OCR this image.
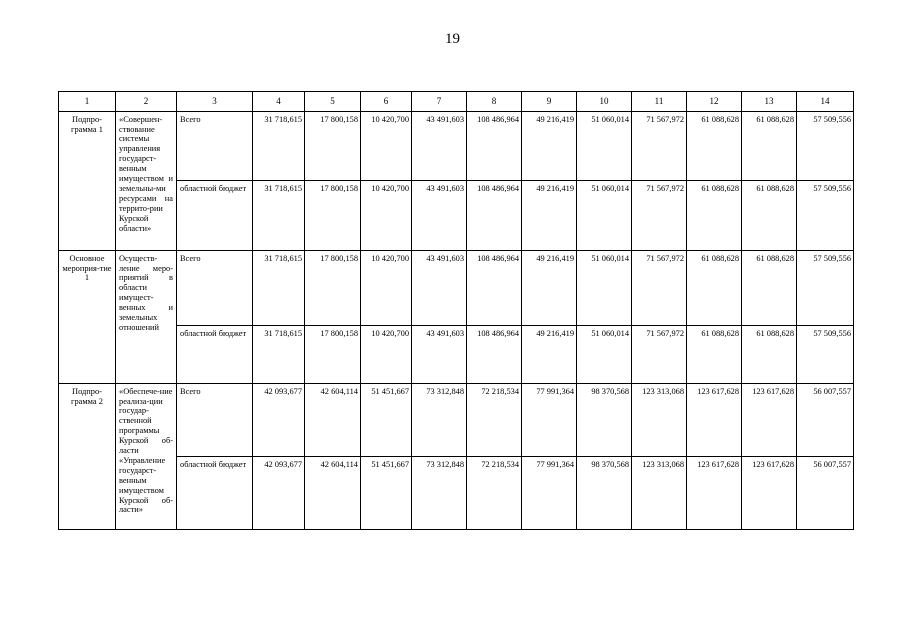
19
1	2	3	4	5	6	7	8	9	10	11	12	13	14
Подпро-грамма 1	«Совершен-ствование системы управления государст-венным имуществом и земельны-ми ресурсами на террито-рии Курской области»	Всего	31 718,615	17 800,158	10 420,700	43 491,603	108 486,964	49 216,419	51 060,014	71 567,972	61 088,628	61 088,628	57 509,556
		областной бюджет	31 718,615	17 800,158	10 420,700	43 491,603	108 486,964	49 216,419	51 060,014	71 567,972	61 088,628	61 088,628	57 509,556
Основное мероприя-тие 1	Осуществ-ление меро-приятий в области имущест-венных и земельных отношений	Всего	31 718,615	17 800,158	10 420,700	43 491,603	108 486,964	49 216,419	51 060,014	71 567,972	61 088,628	61 088,628	57 509,556
		областной бюджет	31 718,615	17 800,158	10 420,700	43 491,603	108 486,964	49 216,419	51 060,014	71 567,972	61 088,628	61 088,628	57 509,556
Подпро-грамма 2	«Обеспече-ние реализа-ции государ-ственной программы Курской об-ласти «Управление государст-венным имуществом Курской об-ласти»	Всего	42 093,677	42 604,114	51 451,667	73 312,848	72 218,534	77 991,364	98 370,568	123 313,068	123 617,628	123 617,628	56 007,557
		областной бюджет	42 093,677	42 604,114	51 451,667	73 312,848	72 218,534	77 991,364	98 370,568	123 313,068	123 617,628	123 617,628	56 007,557
